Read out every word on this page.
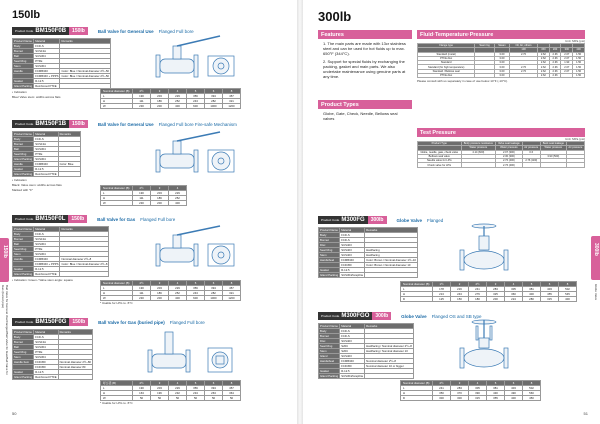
150lb
150lb
Ball Valve for General Use/Flanged/Ball Valve for Gas/Ball Valve for Gas (buried pipe)
Product Code BM150F0B	150lb	Ball Valve for General Use Flanged Full bore
Product Name	Material	Remarks
Body	FCD-S	
Bonnet	SCS13A	
Ball	SUS304	
Seat Ring	PTFE	
Stem	SUS304	
Handle	FCMB340	Color: Blue / Nominal diameter 2½~50
	FCMB340 + PPPS	Color: Blue / Nominal diameter 2½~50
Gasket	R-12.5	
Gland Packing	Reinforced PTFE	
• Indication
Blue/ Valve stem: widths across flats
Nominal diameter (B)	2½	3	4	5	6	8
L	190	203	229	356	394	457
H	111	186	252	243	282	321
W	230	200	400	600	1000	1200
Product Code BM150F1B	150lb	Ball Valve for General Use Flanged Full bore Fire-safe Mechanism
Product Name	Material	Remarks
Body	FCD-S	
Bonnet	SCS13A	
Ball	SUS304	
Seat Ring	PTFE	
Gland Packing	SUS304	
Handle	FCMB340	Color: Blue
Gasket	R-12.5	
Gland Packing	Reinforced PTFE	
• Indication
Black: Valve stem: widths across flats
Marked with "F"	Nominal diameter (B)	2½	3	4
L	190	203	229
H	111	186	252
W	230	200	400
Product Code BM150F0L	150lb	Ball Valve for Gas Flanged Full bore
Product Name	Material	Remarks
Body	FCD-S	
Bonnet	SCS13A	
Ball	SUS304	
Seat Ring	PTFE	
Stem	SUS304	
Handle	FCMB340	Nominal diameter 2½~8
	FCMB340 + PPPS	Color: Blue / Nominal diameter 2½~8
Gasket	R-12.5	
Gland Packing	Reinforced PTFE	
• Indication: Green / Valve stem angle: square
Nominal diameter (B)	2½	3	4	5	6	8
L	190	203	229	356	394	457
H	111	186	252	243	282	321
W	230	200	400	600	1000	1200
* Usable for LPG to -5°C
Product Code BM150F0G	150lb	Ball Valve for Gas (buried pipe) Flanged Full bore
Product Name	Material	Remarks
Body	FCD-S	
Bonnet	SCS13A	
Ball	SUS304	
Seat Ring	PTFE	
Stem	SUS304	
Handle Item	FCD450	Nominal diameter 2½~80
	FCD450	Nominal diameter 80
Gasket	R-12.5	
Gland Packing	Reinforced PTFE	
呼び径 (B)	2½	3	4	5	6	8
L	190	203	229	356	394	457
H	163	196	232	234	263	364
W	50	50	50	50	50	50
* Usable for LPG to -5°C
50
300lb
300lb
Globe Valve
Features
1. The main parts are made with 13cr stainless steel and can be used for hot fluids up to max. 650°F (344°C).
2. Support for special fluids by exchanging the packing, gasket and main parts. We also undertake maintenance using genuine parts at any time.
Product Types
Globe, Gate, Check, Needle, Bellows seal valves
Fluid·Temperature·Pressure
Unit: MPa (psi)
Flange type	Seat ring	Steam	Oil, Air, others				
			100	150	200	300	400
Standard (metal)		3.00	2.70	2.62	2.36	2.07	1.50
PTFE disc		3.00		2.62	2.36	2.07	1.50
Standard		3.00		2.62	2.36	1.93	1.50
Standard (for high temperature)		3.00	2.70	2.62	2.36	2.07	1.50
Standard / Bellows seal		3.00	2.70	2.62	2.36	2.07	1.50
PTFE disc		3.00		2.62	2.36		1.50
Please consult with us separately in case of use below 14°F (-10°C).
Test Pressure
Unit: MPa (psi)
Product Type	Body pressure resistance	Valve seat leakage		Back seat leakage	
	Water pressure	Water pressure	Air pressure	Water pressure	Air pressure
Globe, needle, gate, check valve	4.14 (600)	2.07 (300)	0.6		
Bellows seal valve		2.30 (300)		3.90 (560)	
Needle valve for LPG		2.76 (400)	2.76 (400)		
Check valve for LPG		2.76 (400)			
Product Code M300FG	300lb	Globe Valve Flanged
Product Name	Material	Remarks
Body	FCD-S	
Bonnet	FCD-S	
Disc	SUS403	
Seat Ring	SUS403	Hardfacing
Stem	SUS403	Hardfacing
Handwheel	FCMB340	Color: Brown / Nominal diameter 1½~10
	FCD450	Color: Brown / Nominal diameter 10
Gasket	R-12.5	
Gland Packing	SUS304/Graphite	
Nominal diameter (B)	1½	2	2½	3	4	5	6	8
L	178	216	241	283	305	381	403	502
H	213	243	276	325	360	400	455	545
D	125	150	180	200	224	280	315	400
Product Code M300FGO	300lb	Globe Valve Flanged OS and SB type
Product Name	Material	Remarks
Body	FCD-S	
Bonnet	FCD-S	
Disc	SUS403	
Seat Ring	S20C	Hardfacing / Nominal diameter 2½~8
Stem	S20C	Hardfacing / Nominal diameter 10
Gland	SUS403	
Handwheel	FCMB340	Nominal diameter 2½~8
	FCD450	Nominal diameter 10 or bigger
Gasket	R-12.5	
Gland Packing	SUS304/Graphite	
Nominal diameter (B)	2½	3	4	5	6	8
L	241	283	305	381	403	502
H	350	370	390	430	490	560
D	300	300	315	355	400	450
51
